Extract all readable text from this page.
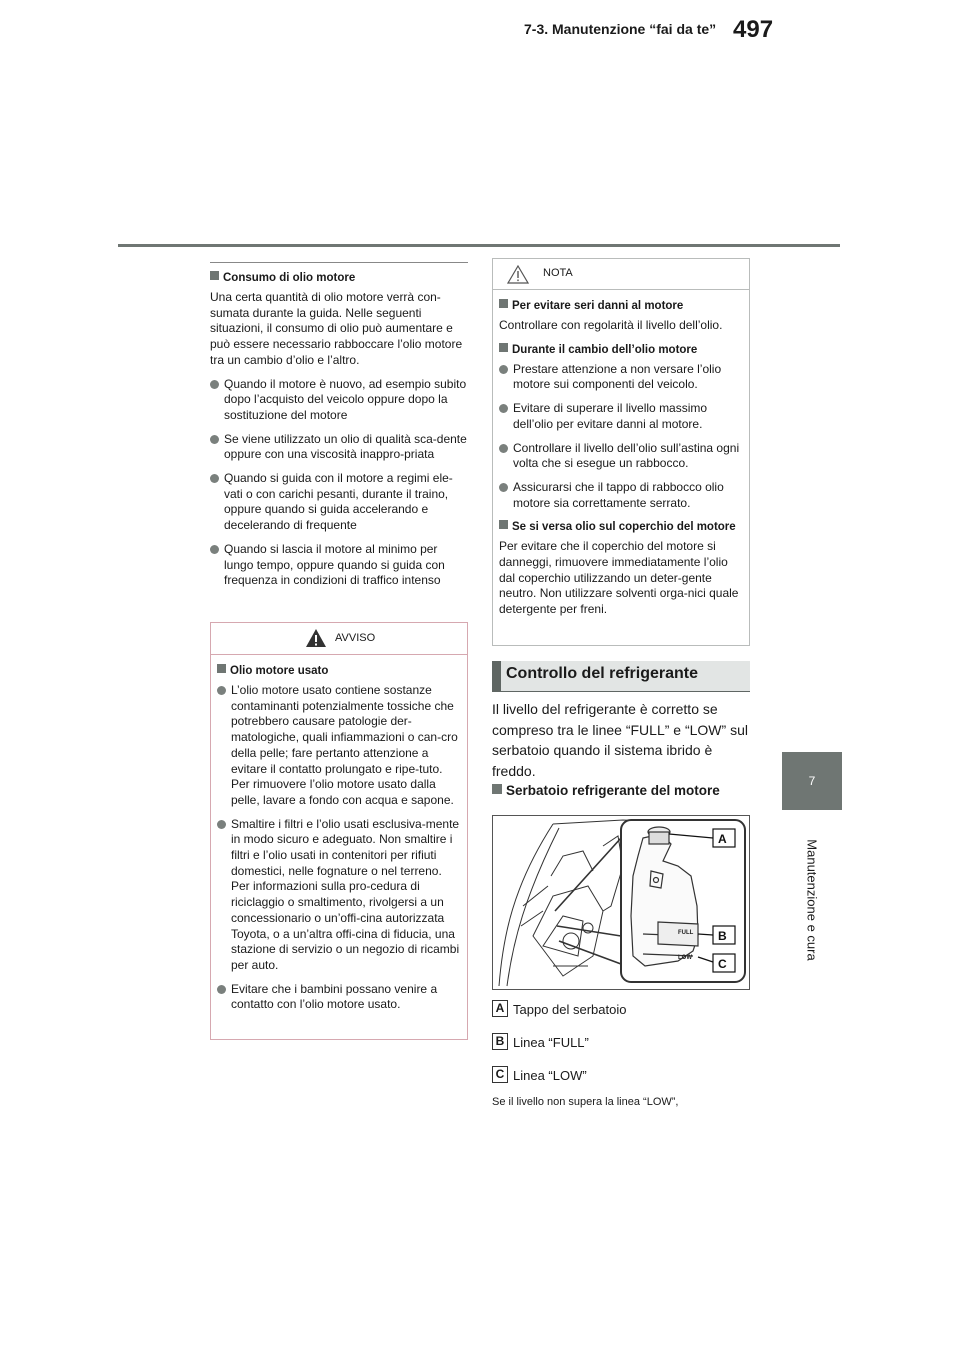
497
7-3. Manutenzione “fai da te”
7
Manutenzione e cura
Consumo di olio motore
Una certa quantità di olio motore verrà con-sumata durante la guida. Nelle seguenti situazioni, il consumo di olio può aumentare e può essere necessario rabboccare l’olio motore tra un cambio d’olio e l’altro.
Quando il motore è nuovo, ad esempio subito dopo l’acquisto del veicolo oppure dopo la sostituzione del motore
Se viene utilizzato un olio di qualità sca-dente oppure con una viscosità inappro-priata
Quando si guida con il motore a regimi ele-vati o con carichi pesanti, durante il traino, oppure quando si guida accelerando e decelerando di frequente
Quando si lascia il motore al minimo per lungo tempo, oppure quando si guida con frequenza in condizioni di traffico intenso
AVVISO
Olio motore usato
L’olio motore usato contiene sostanze contaminanti potenzialmente tossiche che potrebbero causare patologie der-matologiche, quali infiammazioni o can-cro della pelle; fare pertanto attenzione a evitare il contatto prolungato e ripe-tuto. Per rimuovere l’olio motore usato dalla pelle, lavare a fondo con acqua e sapone.
Smaltire i filtri e l’olio usati esclusiva-mente in modo sicuro e adeguato. Non smaltire i filtri e l’olio usati in contenitori per rifiuti domestici, nelle fognature o nel terreno. Per informazioni sulla pro-cedura di riciclaggio o smaltimento, rivolgersi a un concessionario o un’offi-cina autorizzata Toyota, o a un’altra offi-cina di fiducia, una stazione di servizio o un negozio di ricambi per auto.
Evitare che i bambini possano venire a contatto con l’olio motore usato.
NOTA
Per evitare seri danni al motore
Controllare con regolarità il livello dell’olio.
Durante il cambio dell’olio motore
Prestare attenzione a non versare l’olio motore sui componenti del veicolo.
Evitare di superare il livello massimo dell’olio per evitare danni al motore.
Controllare il livello dell’olio sull’astina ogni volta che si esegue un rabbocco.
Assicurarsi che il tappo di rabbocco olio motore sia correttamente serrato.
Se si versa olio sul coperchio del motore
Per evitare che il coperchio del motore si danneggi, rimuovere immediatamente l’olio dal coperchio utilizzando un deter-gente neutro. Non utilizzare solventi orga-nici quale detergente per freni.
Controllo del refrigerante
Il livello del refrigerante è corretto se compreso tra le linee “FULL” e “LOW” sul serbatoio quando il sistema ibrido è freddo.
Serbatoio refrigerante del motore
FULL
LOW
A
B
C
A Tappo del serbatoio
B Linea “FULL”
C Linea “LOW”
Se il livello non supera la linea “LOW”,
